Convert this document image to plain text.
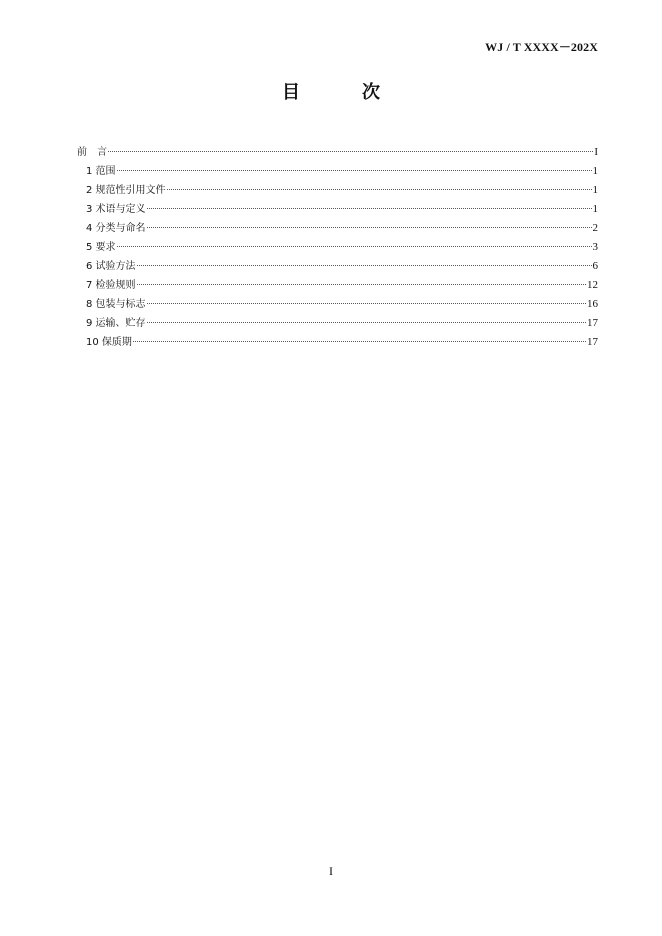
WJ / T XXXX－202X
目　次
前　言	I
1 范围	1
2 规范性引用文件	1
3 术语与定义	1
4 分类与命名	2
5 要求	3
6 试验方法	6
7 检验规则	12
8 包装与标志	16
9 运输、贮存	17
10 保质期	17
I
